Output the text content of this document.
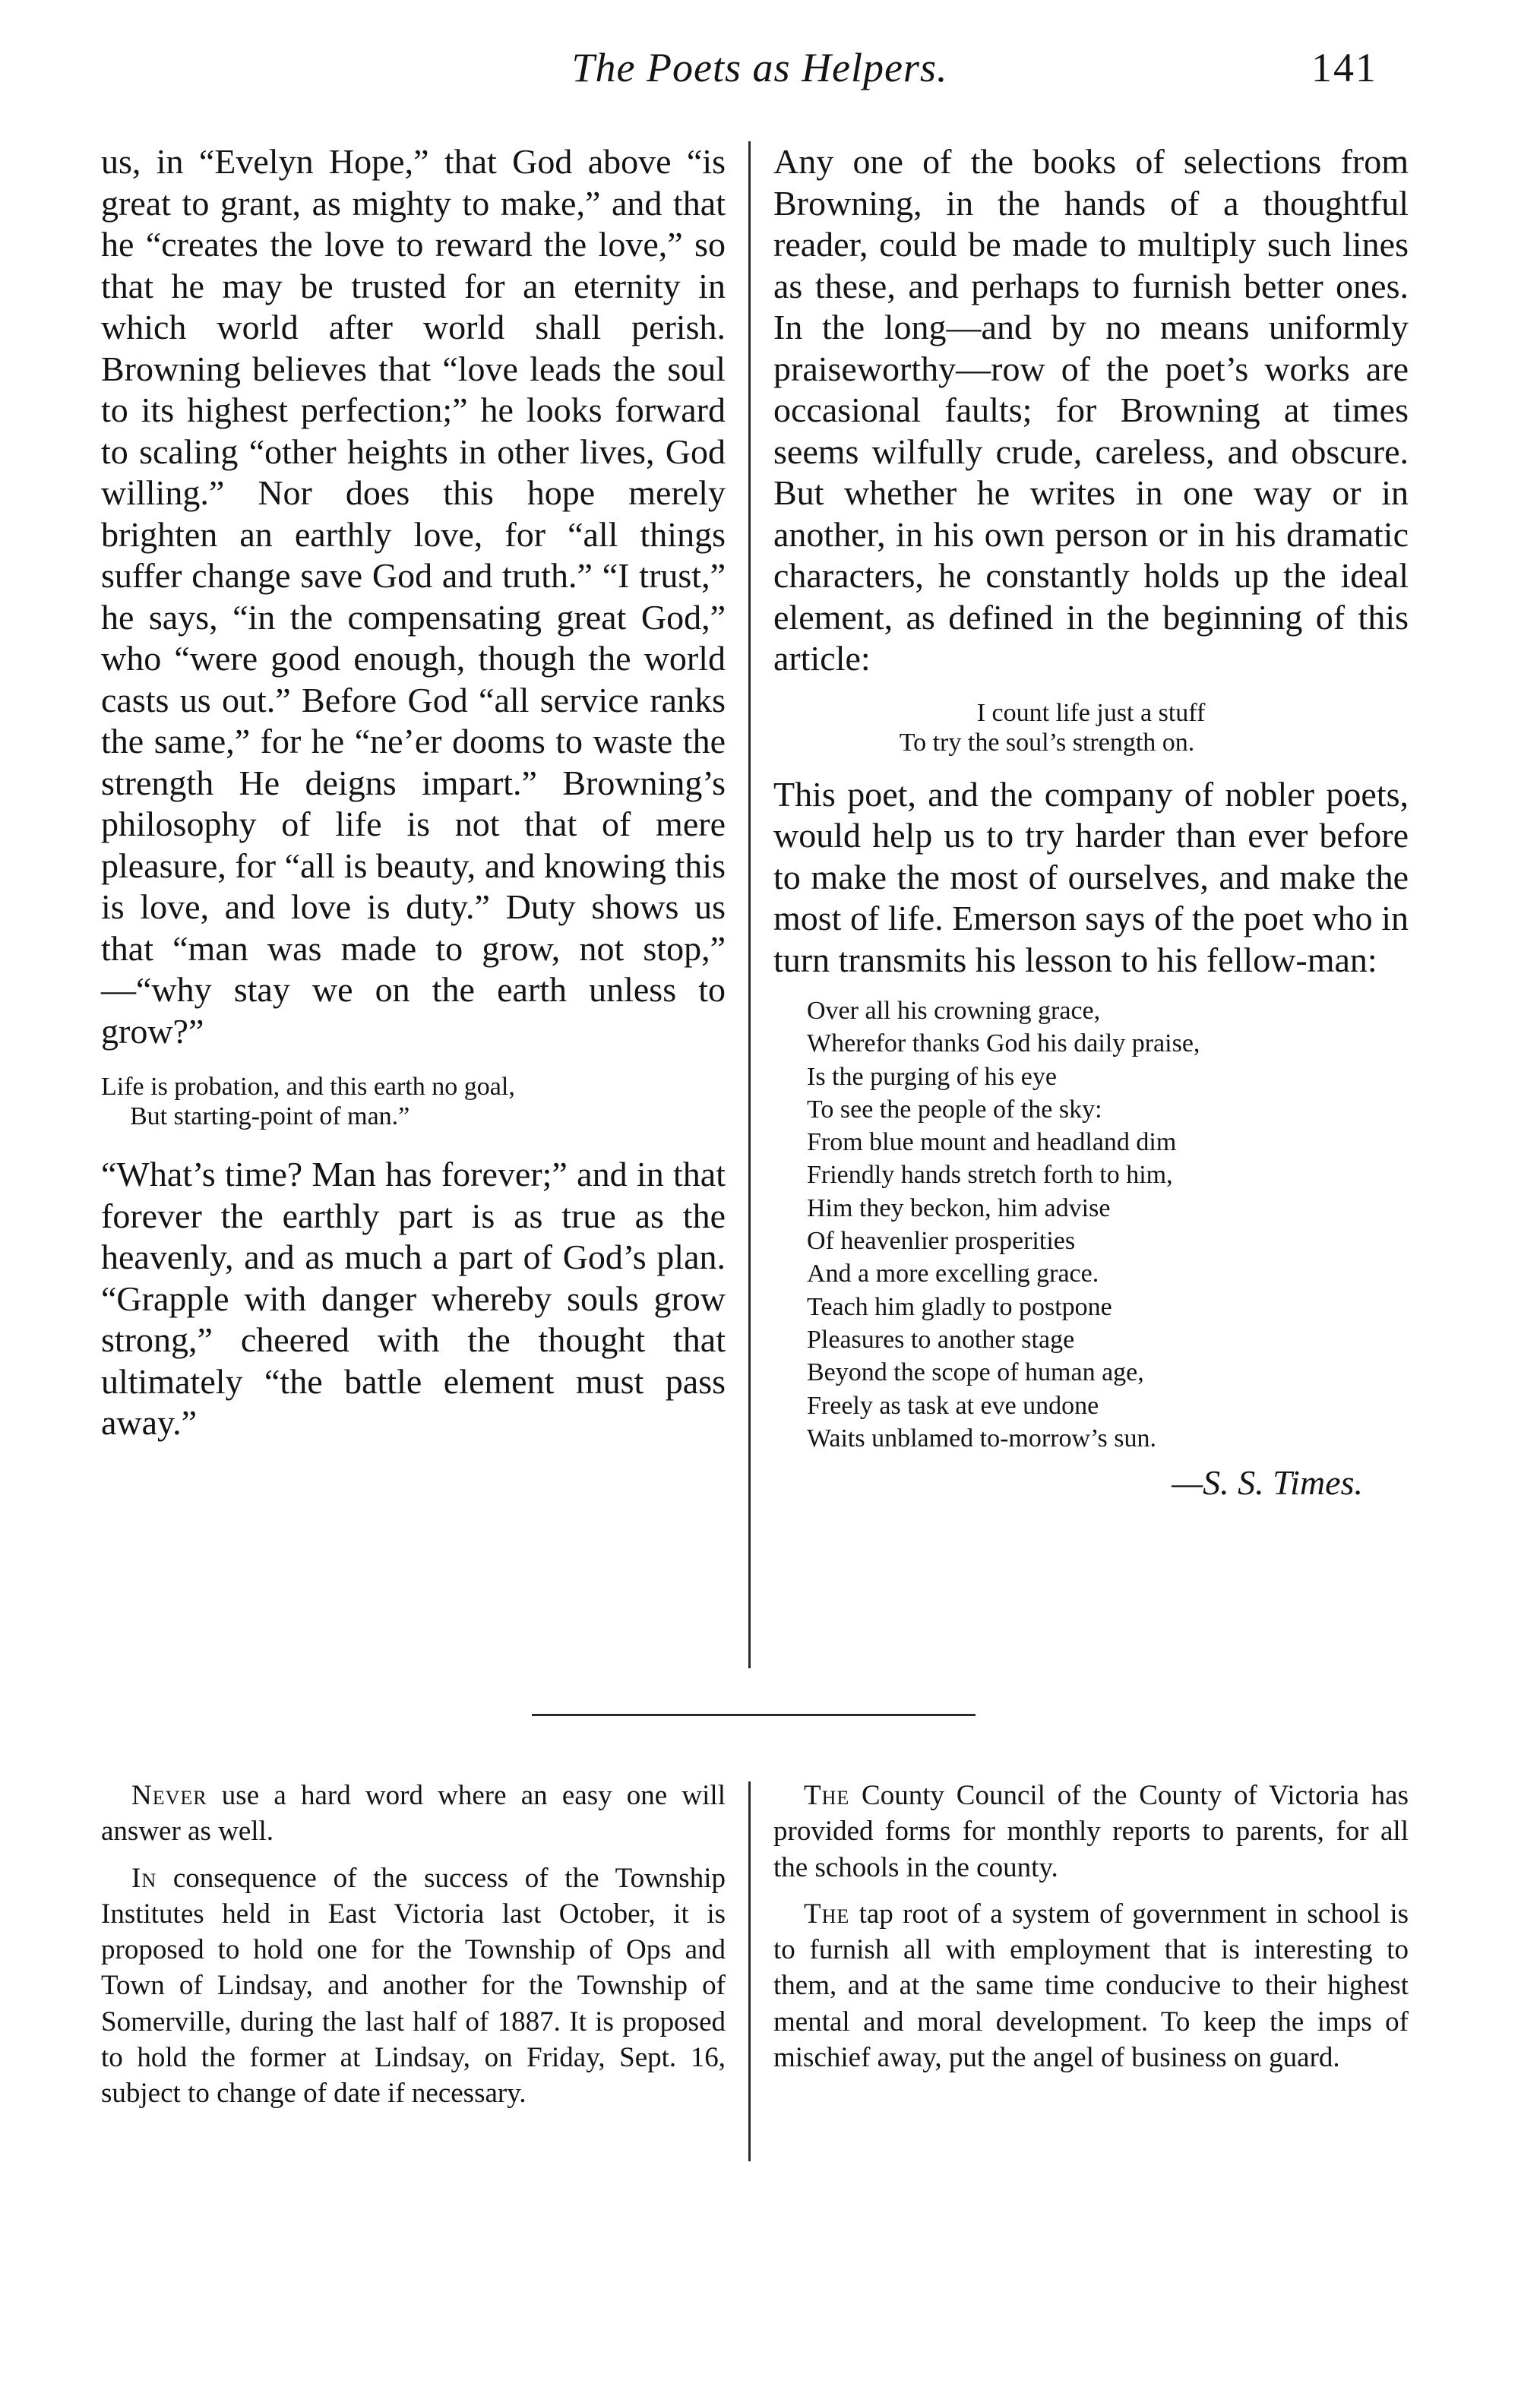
The Poets as Helpers.	141

us, in “Evelyn Hope,” that God above “is great to grant, as mighty to make,” and that he “creates the love to reward the love,” so that he may be trusted for an eternity in which world after world shall perish. Browning believes that “love leads the soul to its highest perfection;” he looks forward to scaling “other heights in other lives, God willing.” Nor does this hope merely brighten an earthly love, for “all things suffer change save God and truth.” “I trust,” he says, “in the compensating great God,” who “were good enough, though the world casts us out.” Before God “all service ranks the same,” for he “ne’er dooms to waste the strength He deigns impart.” Browning’s philosophy of life is not that of mere pleasure, for “all is beauty, and knowing this is love, and love is duty.” Duty shows us that “man was made to grow, not stop,” —“why stay we on the earth unless to grow?”

Life is probation, and this earth no goal,
But starting-point of man.”

“What’s time? Man has forever;” and in that forever the earthly part is as true as the heavenly, and as much a part of God’s plan. “Grapple with danger whereby souls grow strong,” cheered with the thought that ultimately “the battle element must pass away.”

Any one of the books of selections from Browning, in the hands of a thoughtful reader, could be made to multiply such lines as these, and perhaps to furnish better ones. In the long—and by no means uniformly praiseworthy—row of the poet’s works are occasional faults; for Browning at times seems wilfully crude, careless, and obscure. But whether he writes in one way or in another, in his own person or in his dramatic characters, he constantly holds up the ideal element, as defined in the beginning of this article:

I count life just a stuff
To try the soul’s strength on.

This poet, and the company of nobler poets, would help us to try harder than ever before to make the most of ourselves, and make the most of life. Emerson says of the poet who in turn transmits his lesson to his fellow-man:

Over all his crowning grace,
Wherefor thanks God his daily praise,
Is the purging of his eye
To see the people of the sky:
From blue mount and headland dim
Friendly hands stretch forth to him,
Him they beckon, him advise
Of heavenlier prosperities
And a more excelling grace.
Teach him gladly to postpone
Pleasures to another stage
Beyond the scope of human age,
Freely as task at eve undone
Waits unblamed to-morrow’s sun.
—S. S. Times.

Never use a hard word where an easy one will answer as well.

In consequence of the success of the Township Institutes held in East Victoria last October, it is proposed to hold one for the Township of Ops and Town of Lindsay, and another for the Township of Somerville, during the last half of 1887. It is proposed to hold the former at Lindsay, on Friday, Sept. 16, subject to change of date if necessary.

The County Council of the County of Victoria has provided forms for monthly reports to parents, for all the schools in the county.

The tap root of a system of government in school is to furnish all with employment that is interesting to them, and at the same time conducive to their highest mental and moral development. To keep the imps of mischief away, put the angel of business on guard.
